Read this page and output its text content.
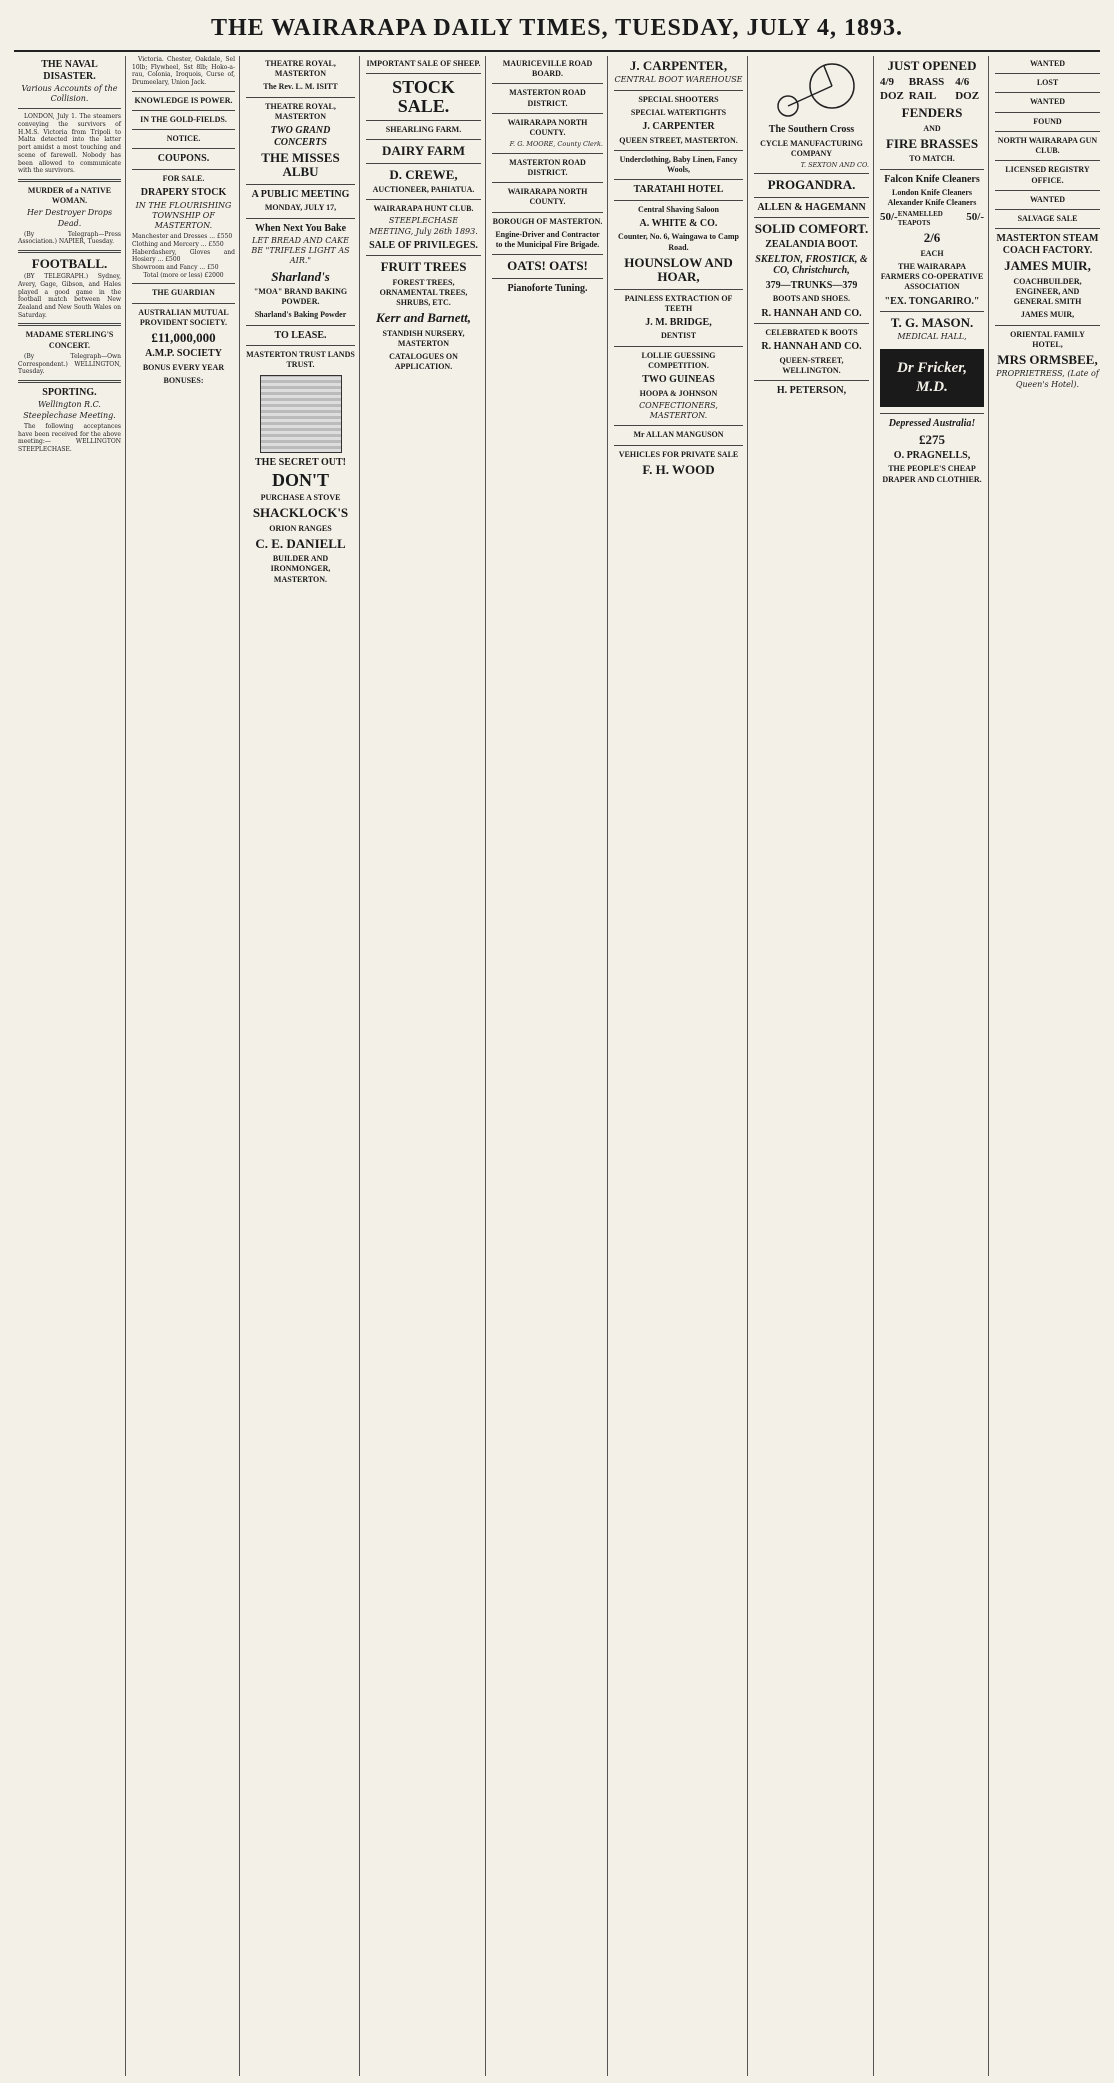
THE WAIRARAPA DAILY TIMES, TUESDAY, JULY 4, 1893.
THE NAVAL DISASTER.
Various Accounts of the Collision.

LONDON, July 1. The steamers conveying the survivors of H.M.S. Victoria from Tripoli to Malta detected into the latter port amidst a most touching and scene of farewell. Nobody has been allowed to communicate with the survivors.

MURDER of a NATIVE WOMAN.
Her Destroyer Drops Dead.

(By Telegraph—Press Association.) NAPIER, Tuesday.

FOOTBALL.

(BY TELEGRAPH.) Sydney, Avery, Gage, Gibson, and Hales played a good game in the football match between New Zealand and New South Wales on Saturday.

MADAME STERLING'S CONCERT.

(By Telegraph—Own Correspondent.) WELLINGTON, Tuesday.

SPORTING.
Wellington R.C. Steeplechase Meeting.

The following acceptances have been received for the above meeting:— WELLINGTON STEEPLECHASE.

Victoria. Chester, Oakdale, Sel 10lb; Flywheel, Sst 8lb; Hoko-a-rau, Colonia, Iroquois, Curse of, Drumeelary, Union Jack.

KNOWLEDGE IS POWER.
IN THE GOLD-FIELDS.
NOTICE.
COUPONS.
FOR SALE.
DRAPERY STOCK
IN THE FLOURISHING TOWNSHIP OF MASTERTON.
Manchester and Dresses ... £550
Clothing and Mercery ... £550
Haberdashery, Gloves and Hosiery ... £500
Showroom and Fancy ... £50
Total (more or less) £2000
THE GUARDIAN
AUSTRALIAN MUTUAL PROVIDENT SOCIETY.
£11,000,000
A.M.P. SOCIETY
BONUS EVERY YEAR
BONUSES:
THEATRE ROYAL, MASTERTON
The Rev. L. M. ISITT
THEATRE ROYAL, MASTERTON
TWO GRAND CONCERTS
THE MISSES ALBU
A PUBLIC MEETING
MONDAY, JULY 17,
When Next You Bake
LET BREAD AND CAKE BE "TRIFLES LIGHT AS AIR."
Sharland's
"MOA" BRAND BAKING POWDER.
Sharland's Baking Powder
TO LEASE.
MASTERTON TRUST LANDS TRUST.
THE SECRET OUT!
DON'T
PURCHASE A STOVE
SHACKLOCK'S
ORION RANGES
C. E. DANIELL
BUILDER AND IRONMONGER, MASTERTON.
IMPORTANT SALE OF SHEEP.
STOCK SALE.
SHEARLING FARM.
DAIRY FARM
D. CREWE,
AUCTIONEER, PAHIATUA.
WAIRARAPA HUNT CLUB.
STEEPLECHASE MEETING, July 26th 1893.
SALE OF PRIVILEGES.
FRUIT TREES
FOREST TREES, ORNAMENTAL TREES, SHRUBS, ETC.
Kerr and Barnett,
STANDISH NURSERY, MASTERTON
CATALOGUES ON APPLICATION.
MAURICEVILLE ROAD BOARD.
MASTERTON ROAD DISTRICT.
WAIRARAPA NORTH COUNTY.
F. G. MOORE, County Clerk.
MASTERTON ROAD DISTRICT.
WAIRARAPA NORTH COUNTY.
BOROUGH OF MASTERTON.
Engine-Driver and Contractor to the Municipal Fire Brigade.
OATS! OATS!
Pianoforte Tuning.
J. CARPENTER,
CENTRAL BOOT WAREHOUSE
SPECIAL SHOOTERS
SPECIAL WATERTIGHTS
J. CARPENTER
QUEEN STREET, MASTERTON.
Underclothing, Baby Linen, Fancy Wools,
TARATAHI HOTEL
Central Shaving Saloon
A. WHITE & CO.
Counter, No. 6, Waingawa to Camp Road.
HOUNSLOW AND HOAR,
PAINLESS EXTRACTION OF TEETH
J. M. BRIDGE,
DENTIST
LOLLIE GUESSING COMPETITION.
TWO GUINEAS
HOOPA & JOHNSON
CONFECTIONERS, MASTERTON.
Mr ALLAN MANGUSON
VEHICLES FOR PRIVATE SALE
F. H. WOOD
The Southern Cross
CYCLE MANUFACTURING COMPANY
T. SEXTON AND CO.
PROGANDRA.
ALLEN & HAGEMANN
SOLID COMFORT.
ZEALANDIA BOOT.
SKELTON, FROSTICK, & CO, Christchurch,
379—TRUNKS—379
BOOTS AND SHOES.
R. HANNAH AND CO.
CELEBRATED K BOOTS
R. HANNAH AND CO.
QUEEN-STREET, WELLINGTON.
H. PETERSON,
JUST OPENED
4/9 DOZ
BRASS RAIL
4/6 DOZ
FENDERS
AND
FIRE BRASSES
TO MATCH.
Falcon Knife Cleaners
London Knife Cleaners
Alexander Knife Cleaners
50/- ENAMELLED TEAPOTS	50/-
2/6
EACH
THE WAIRARAPA FARMERS CO-OPERATIVE ASSOCIATION
"EX. TONGARIRO."
T. G. MASON.
MEDICAL HALL,
Dr Fricker, M.D.
Depressed Australia!
£275
O. PRAGNELLS,
THE PEOPLE'S CHEAP DRAPER AND CLOTHIER.
WANTED
LOST
WANTED
FOUND
NORTH WAIRARAPA GUN CLUB.
LICENSED REGISTRY OFFICE.
WANTED
SALVAGE SALE
MASTERTON STEAM COACH FACTORY.
JAMES MUIR,
COACHBUILDER, ENGINEER, AND GENERAL SMITH
JAMES MUIR,
ORIENTAL FAMILY HOTEL,
MRS ORMSBEE,
PROPRIETRESS, (Late of Queen's Hotel).
